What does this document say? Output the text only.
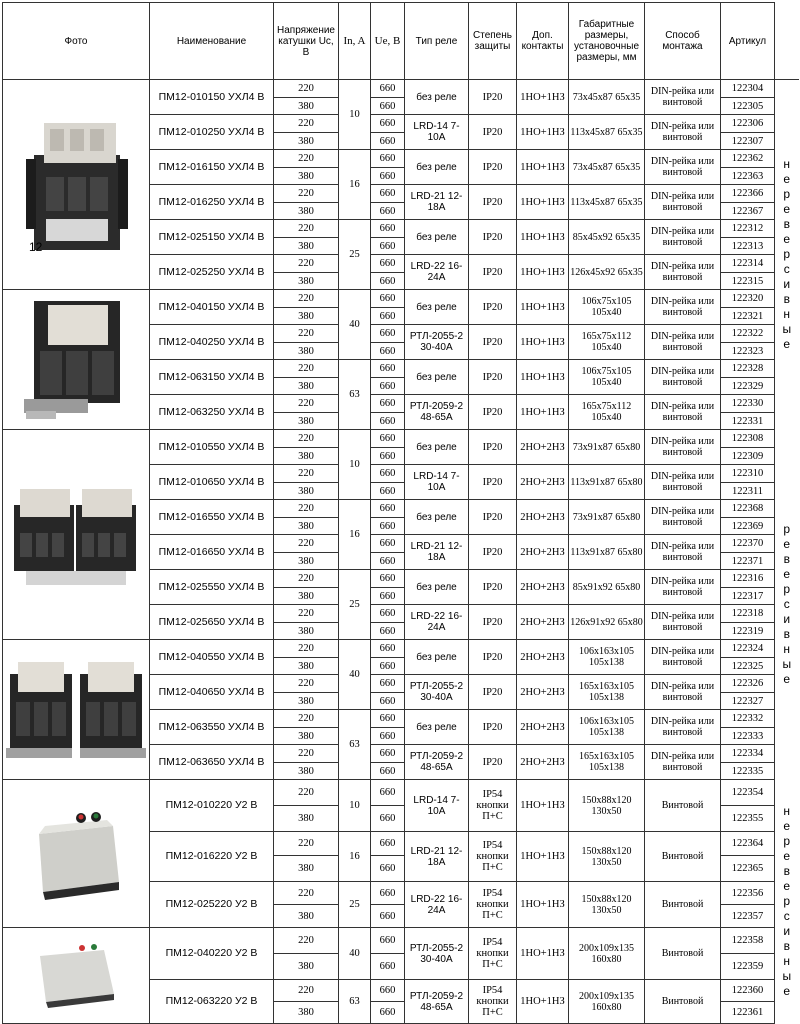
Фото	Наименование	Напряжение катушки Uc, В	In, A	Ue, В	Тип реле	Степень защиты	Доп. контакты	Габаритные размеры, установочные размеры, мм	Способ монтажа	Артикул	

12	ПМ12-010150 УХЛ4 В	220	10	660	без реле	IP20	1НО+1НЗ	73x45x87 65x35	DIN-рейка или винтовой	122304	нереверсивные

		380		660						122305	
	ПМ12-010250 УХЛ4 В	220		660	LRD-14 7-10A	IP20	1НО+1НЗ	113x45x87 65x35	DIN-рейка или винтовой	122306	
		380		660						122307	
	ПМ12-016150 УХЛ4 В	220	16	660	без реле	IP20	1НО+1НЗ	73x45x87 65x35	DIN-рейка или винтовой	122362	
		380		660						122363	
	ПМ12-016250 УХЛ4 В	220		660	LRD-21 12-18A	IP20	1НО+1НЗ	113x45x87 65x35	DIN-рейка или винтовой	122366	
		380		660						122367	
	ПМ12-025150 УХЛ4 В	220	25	660	без реле	IP20	1НО+1НЗ	85x45x92 65x35	DIN-рейка или винтовой	122312	
		380		660						122313	
	ПМ12-025250 УХЛ4 В	220		660	LRD-22 16-24A	IP20	1НО+1НЗ	126x45x92 65x35	DIN-рейка или винтовой	122314	
		380		660						122315	

	ПМ12-040150 УХЛ4 В	220	40	660	без реле	IP20	1НО+1НЗ	106x75x105 105x40	DIN-рейка или винтовой	122320	
		380		660						122321	
	ПМ12-040250 УХЛ4 В	220		660	РТЛ-2055-2 30-40A	IP20	1НО+1НЗ	165x75x112 105x40	DIN-рейка или винтовой	122322	
		380		660						122323	
	ПМ12-063150 УХЛ4 В	220	63	660	без реле	IP20	1НО+1НЗ	106x75x105 105x40	DIN-рейка или винтовой	122328	
		380		660						122329	
	ПМ12-063250 УХЛ4 В	220		660	РТЛ-2059-2 48-65A	IP20	1НО+1НЗ	165x75x112 105x40	DIN-рейка или винтовой	122330	
		380		660						122331	

	ПМ12-010550 УХЛ4 В	220	10	660	без реле	IP20	2НО+2НЗ	73x91x87 65x80	DIN-рейка или винтовой	122308	реверсивные

		380		660						122309	
	ПМ12-010650 УХЛ4 В	220		660	LRD-14 7-10A	IP20	2НО+2НЗ	113x91x87 65x80	DIN-рейка или винтовой	122310	
		380		660						122311	
	ПМ12-016550 УХЛ4 В	220	16	660	без реле	IP20	2НО+2НЗ	73x91x87 65x80	DIN-рейка или винтовой	122368	
		380		660						122369	
	ПМ12-016650 УХЛ4 В	220		660	LRD-21 12-18A	IP20	2НО+2НЗ	113x91x87 65x80	DIN-рейка или винтовой	122370	
		380		660						122371	
	ПМ12-025550 УХЛ4 В	220	25	660	без реле	IP20	2НО+2НЗ	85x91x92 65x80	DIN-рейка или винтовой	122316	
		380		660						122317	
	ПМ12-025650 УХЛ4 В	220		660	LRD-22 16-24A	IP20	2НО+2НЗ	126x91x92 65x80	DIN-рейка или винтовой	122318	
		380		660						122319	

	ПМ12-040550 УХЛ4 В	220	40	660	без реле	IP20	2НО+2НЗ	106x163x105 105x138	DIN-рейка или винтовой	122324	
		380		660						122325	
	ПМ12-040650 УХЛ4 В	220		660	РТЛ-2055-2 30-40A	IP20	2НО+2НЗ	165x163x105 105x138	DIN-рейка или винтовой	122326	
		380		660						122327	
	ПМ12-063550 УХЛ4 В	220	63	660	без реле	IP20	2НО+2НЗ	106x163x105 105x138	DIN-рейка или винтовой	122332	
		380		660						122333	
	ПМ12-063650 УХЛ4 В	220		660	РТЛ-2059-2 48-65A	IP20	2НО+2НЗ	165x163x105 105x138	DIN-рейка или винтовой	122334	
		380		660						122335	

	ПМ12-010220 У2 В	220	10	660	LRD-14 7-10A	IP54 кнопки П+С	1НО+1НЗ	150x88x120 130x50	Винтовой	122354	нереверсивные

		380		660						122355	
	ПМ12-016220 У2 В	220	16	660	LRD-21 12-18A	IP54 кнопки П+С	1НО+1НЗ	150x88x120 130x50	Винтовой	122364	
		380		660						122365	
	ПМ12-025220 У2 В	220	25	660	LRD-22 16-24A	IP54 кнопки П+С	1НО+1НЗ	150x88x120 130x50	Винтовой	122356	
		380		660						122357	

	ПМ12-040220 У2 В	220	40	660	РТЛ-2055-2 30-40A	IP54 кнопки П+С	1НО+1НЗ	200x109x135 160x80	Винтовой	122358	
		380		660						122359	
	ПМ12-063220 У2 В	220	63	660	РТЛ-2059-2 48-65A	IP54 кнопки П+С	1НО+1НЗ	200x109x135 160x80	Винтовой	122360	
		380		660						122361	
